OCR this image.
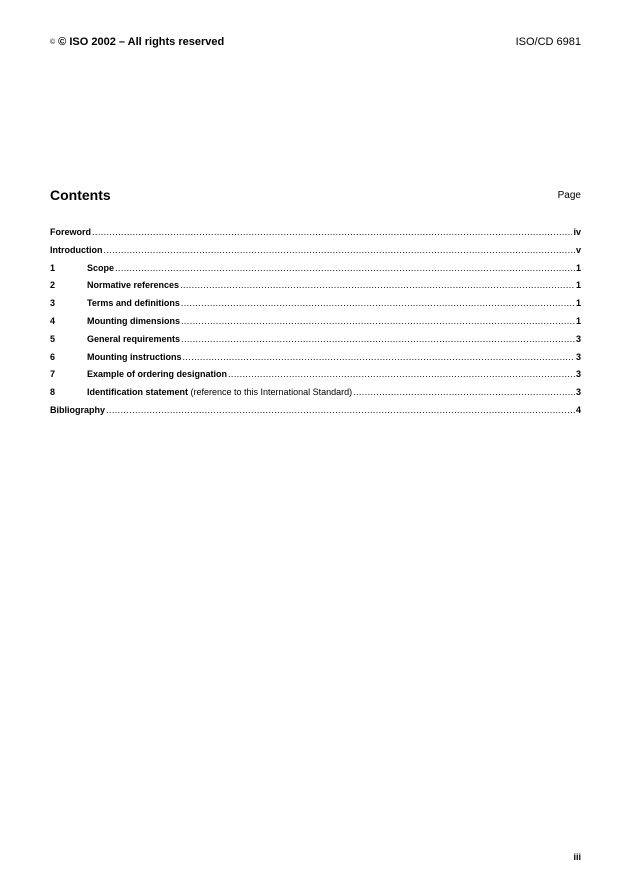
© © ISO 2002 – All rights reserved	ISO/CD 6981
Contents	Page
Foreword .....	iv
Introduction .....	v
1	Scope .....	1
2	Normative references .....	1
3	Terms and definitions .....	1
4	Mounting dimensions .....	1
5	General requirements .....	3
6	Mounting instructions .....	3
7	Example of ordering designation .....	3
8	Identification statement (reference to this International Standard) .....	3
Bibliography .....	4
iii
